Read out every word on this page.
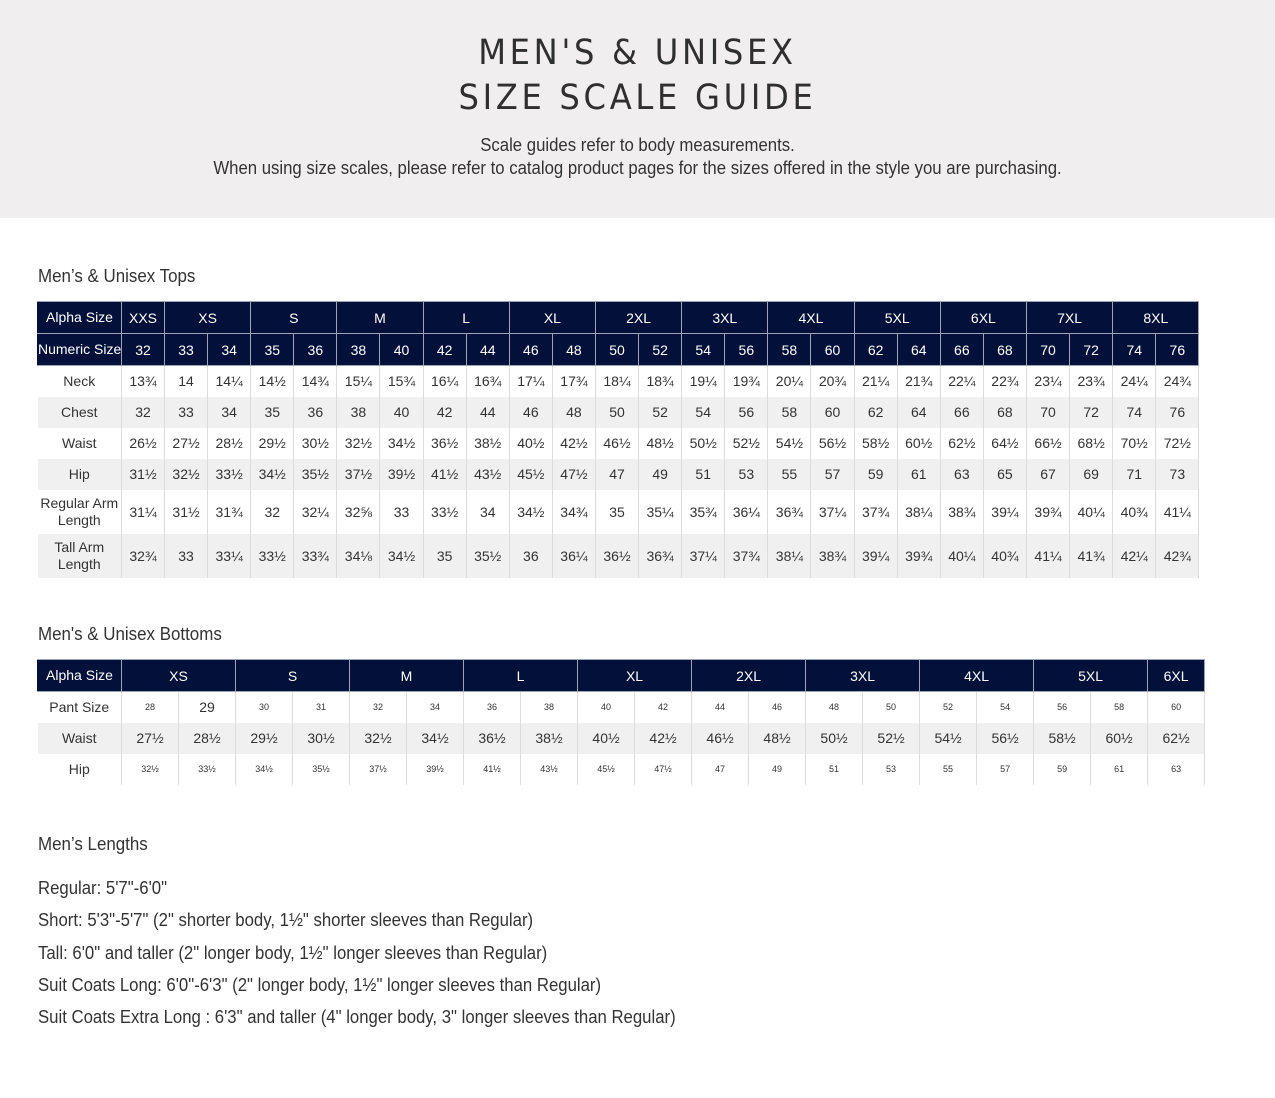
MEN'S & UNISEX
SIZE SCALE GUIDE
Scale guides refer to body measurements.
When using size scales, please refer to catalog product pages for the sizes offered in the style you are purchasing.
Men’s & Unisex Tops
Alpha Size	XXS	XS		S		M		L		XL		2XL		3XL		4XL		5XL		6XL		7XL		8XL	
Numeric Size	32	33	34	35	36	38	40	42	44	46	48	50	52	54	56	58	60	62	64	66	68	70	72	74	76
Neck	13¾	14	14¼	14½	14¾	15¼	15¾	16¼	16¾	17¼	17¾	18¼	18¾	19¼	19¾	20¼	20¾	21¼	21¾	22¼	22¾	23¼	23¾	24¼	24¾
Chest	32	33	34	35	36	38	40	42	44	46	48	50	52	54	56	58	60	62	64	66	68	70	72	74	76
Waist	26½	27½	28½	29½	30½	32½	34½	36½	38½	40½	42½	46½	48½	50½	52½	54½	56½	58½	60½	62½	64½	66½	68½	70½	72½
Hip	31½	32½	33½	34½	35½	37½	39½	41½	43½	45½	47½	47	49	51	53	55	57	59	61	63	65	67	69	71	73

Regular Arm
Length	31¼	31½	31¾	32	32¼	32⅝	33	33½	34	34½	34¾	35	35¼	35¾	36¼	36¾	37¼	37¾	38¼	38¾	39¼	39¾	40¼	40¾	41¼

Tall Arm
Length	32¾	33	33¼	33½	33¾	34⅛	34½	35	35½	36	36¼	36½	36¾	37¼	37¾	38¼	38¾	39¼	39¾	40¼	40¾	41¼	41¾	42¼	42¾
Men's & Unisex Bottoms
Alpha Size	XS		S		M		L		XL		2XL		3XL		4XL		5XL		6XL
Pant Size	28	29	30	31	32	34	36	38	40	42	44	46	48	50	52	54	56	58	60
Waist	27½	28½	29½	30½	32½	34½	36½	38½	40½	42½	46½	48½	50½	52½	54½	56½	58½	60½	62½
Hip	32½	33½	34½	35½	37½	39½	41½	43½	45½	47½	47	49	51	53	55	57	59	61	63
Men’s Lengths
Regular: 5'7"-6'0"
Short: 5'3"-5'7" (2" shorter body, 1½" shorter sleeves than Regular)
Tall: 6'0" and taller (2" longer body, 1½" longer sleeves than Regular)
Suit Coats Long: 6'0"-6'3" (2" longer body, 1½" longer sleeves than Regular)
Suit Coats Extra Long : 6'3" and taller (4" longer body, 3" longer sleeves than Regular)
